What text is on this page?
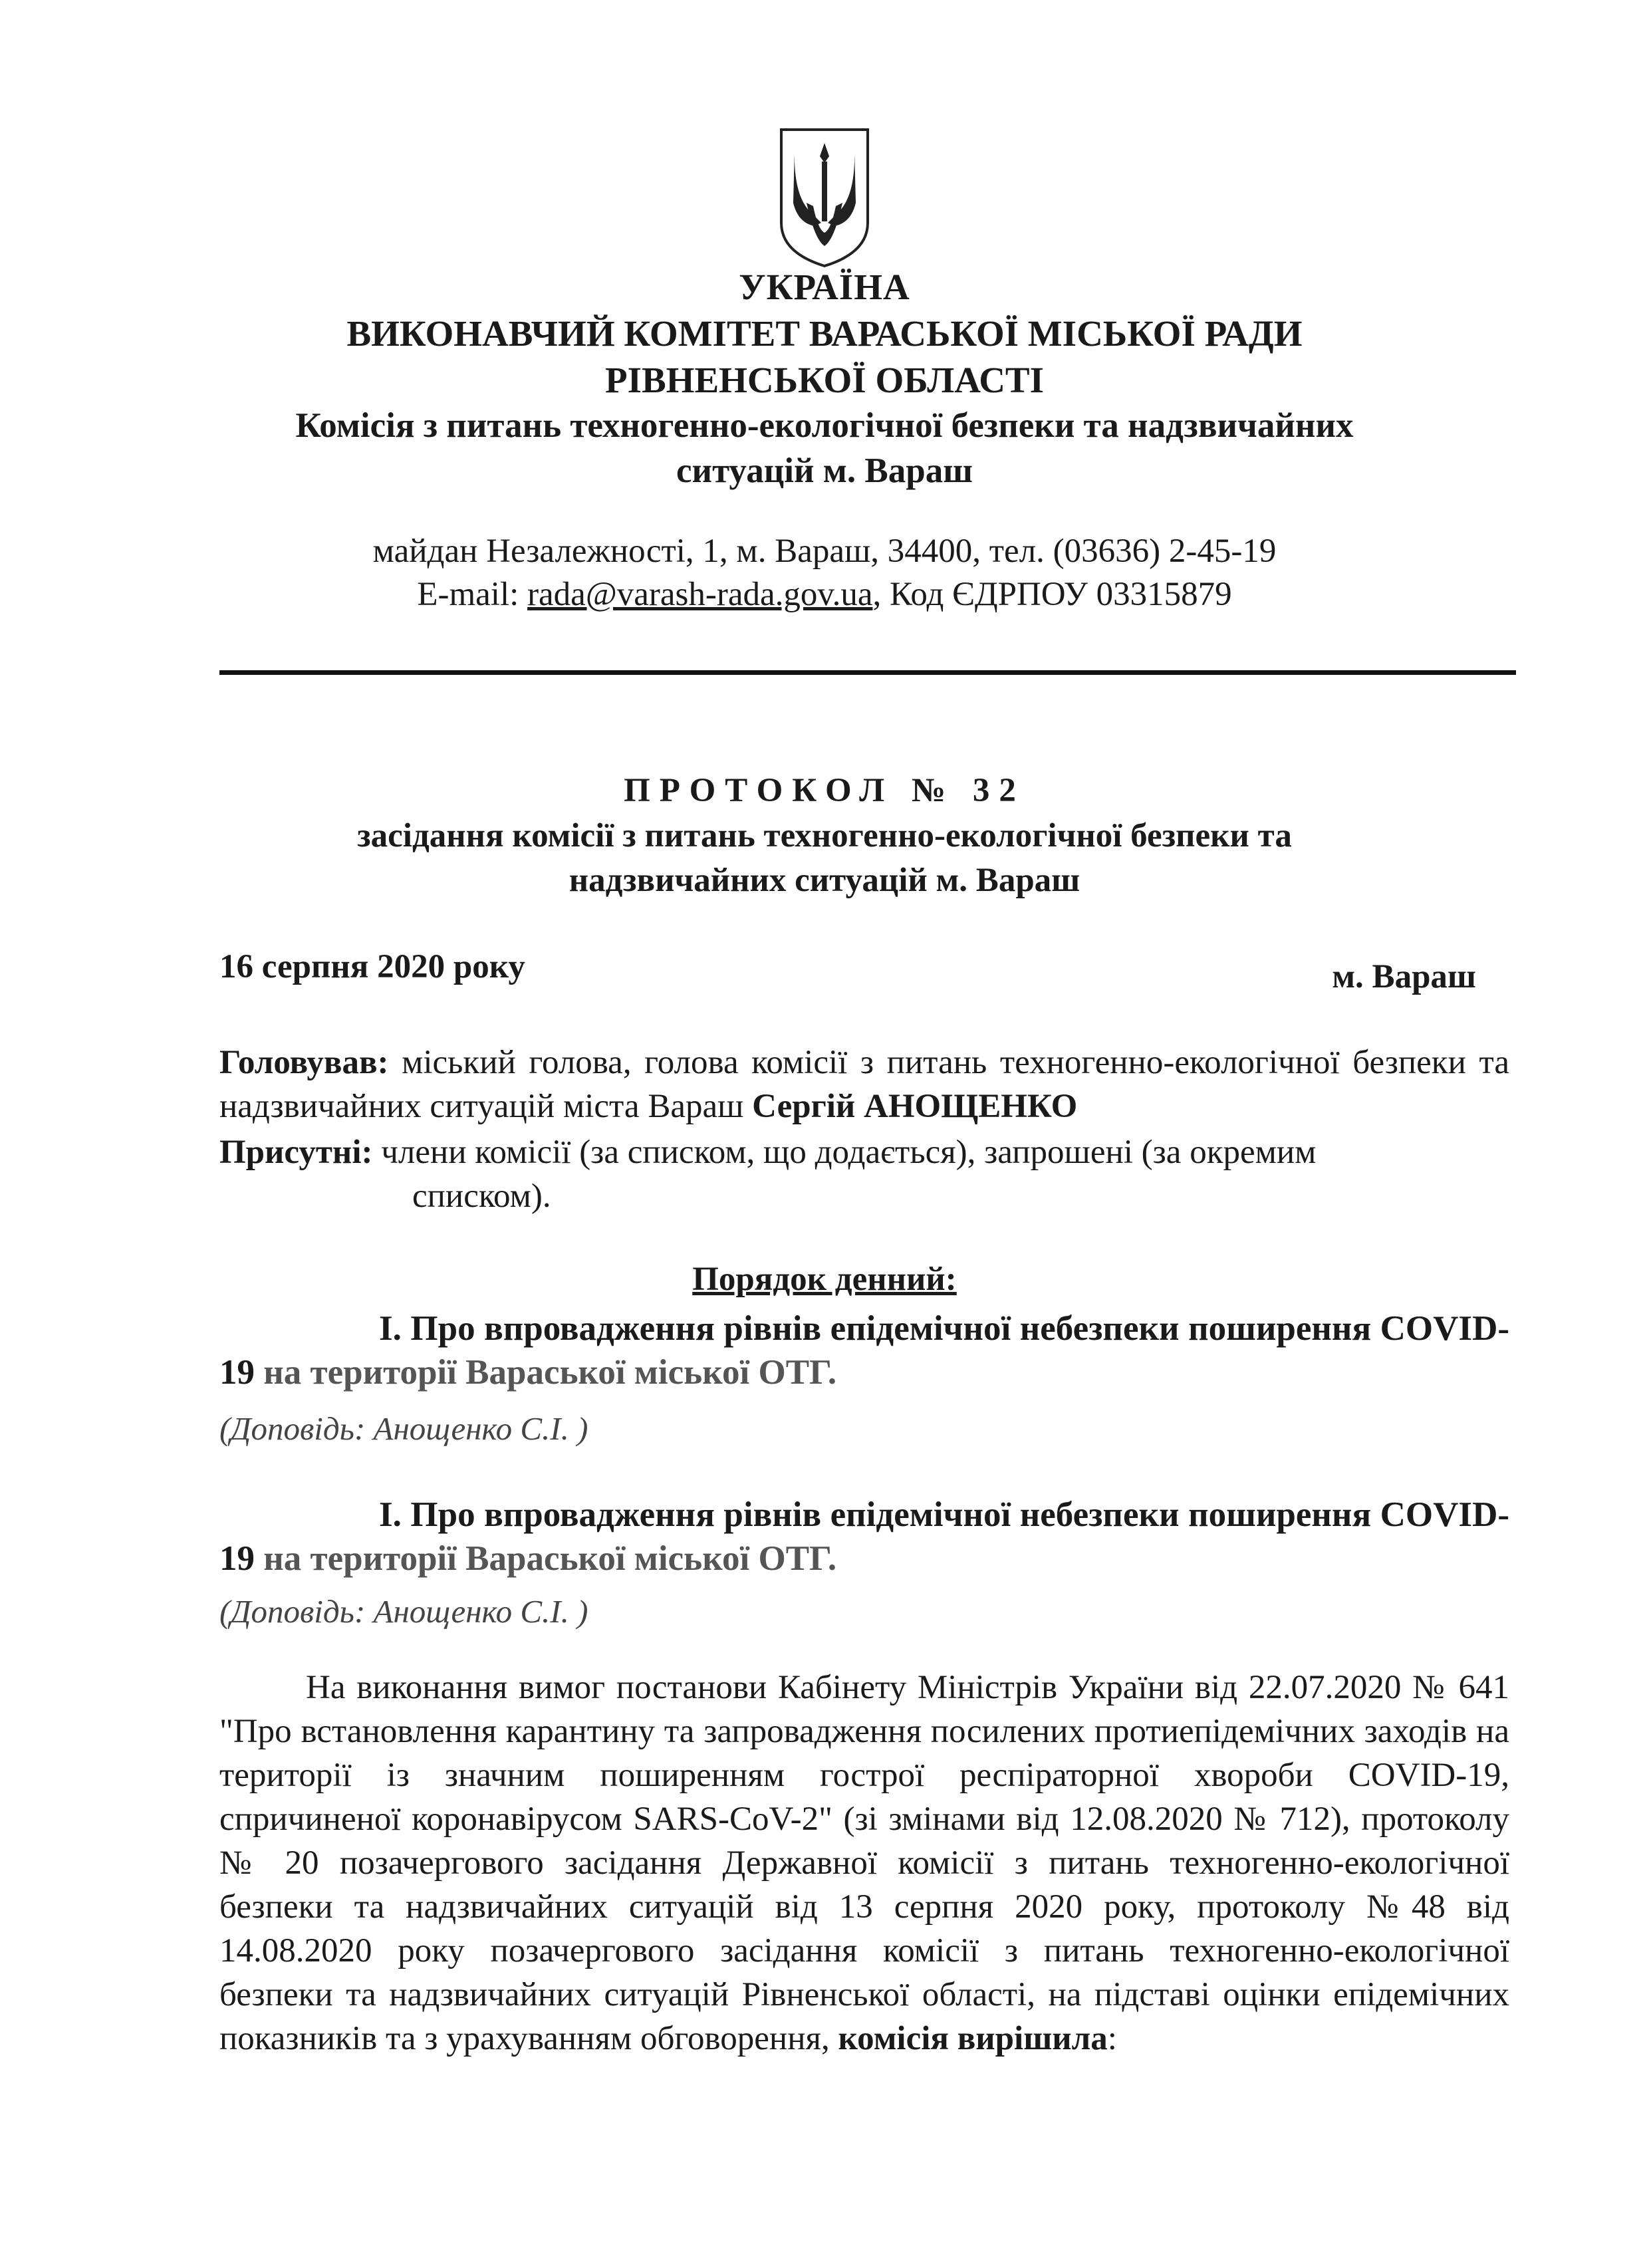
УКРАЇНА
ВИКОНАВЧИЙ КОМІТЕТ ВАРАСЬКОЇ МІСЬКОЇ РАДИ
РІВНЕНСЬКОЇ ОБЛАСТІ
Комісія з питань техногенно-екологічної безпеки та надзвичайних
ситуацій м. Вараш
майдан Незалежності, 1, м. Вараш, 34400, тел. (03636) 2-45-19
E-mail: rada@varash-rada.gov.ua, Код ЄДРПОУ 03315879
ПРОТОКОЛ № 32
засідання комісії з питань техногенно-екологічної безпеки та
надзвичайних ситуацій м. Вараш
16 серпня 2020 року	м. Вараш
Головував: міський голова, голова комісії з питань техногенно-екологічної безпеки та надзвичайних ситуацій міста Вараш Сергій АНОЩЕНКО
Присутні: члени комісії (за списком, що додається), запрошені (за окремим
списком).
Порядок денний:
І. Про впровадження рівнів епідемічної небезпеки поширення COVID-19 на території Вараської міської ОТГ.
(Доповідь: Анощенко С.І. )
І. Про впровадження рівнів епідемічної небезпеки поширення COVID-19 на території Вараської міської ОТГ.
(Доповідь: Анощенко С.І. )
На виконання вимог постанови Кабінету Міністрів України від 22.07.2020 № 641 "Про встановлення карантину та запровадження посилених протиепідемічних заходів на території із значним поширенням гострої респіраторної хвороби COVID-19, спричиненої коронавірусом SARS-CoV-2" (зі змінами від 12.08.2020 № 712), протоколу № 20 позачергового засідання Державної комісії з питань техногенно-екологічної безпеки та надзвичайних ситуацій від 13 серпня 2020 року, протоколу №48 від 14.08.2020 року позачергового засідання комісії з питань техногенно-екологічної безпеки та надзвичайних ситуацій Рівненської області, на підставі оцінки епідемічних показників та з урахуванням обговорення, комісія вирішила:
